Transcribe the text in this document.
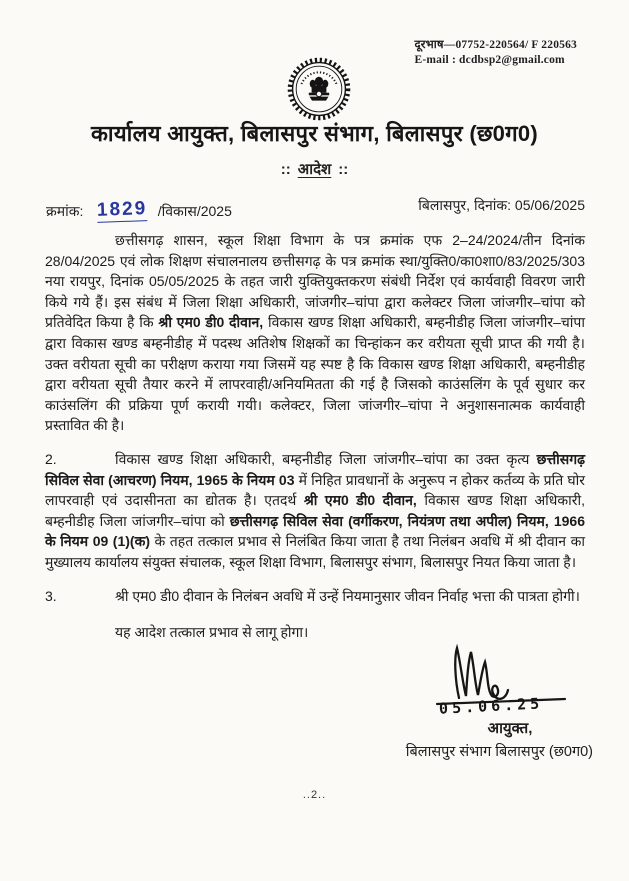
दूरभाष—07752-220564/ F 220563
E-mail : dcdbsp2@gmail.com
कार्यालय आयुक्त, बिलासपुर संभाग, बिलासपुर (छ0ग0)
:: आदेश ::
क्रमांक: 1829 /विकास/2025	बिलासपुर, दिनांक: 05/06/2025

छत्तीसगढ़ शासन, स्कूल शिक्षा विभाग के पत्र क्रमांक एफ 2–24/2024/तीन दिनांक 28/04/2025 एवं लोक शिक्षण संचालनालय छत्तीसगढ़ के पत्र क्रमांक स्था/युक्ति0/का0शा0/83/2025/303 नया रायपुर, दिनांक 05/05/2025 के तहत जारी युक्तियुक्तकरण संबंधी निर्देश एवं कार्यवाही विवरण जारी किये गये हैं। इस संबंध में जिला शिक्षा अधिकारी, जांजगीर–चांपा द्वारा कलेक्टर जिला जांजगीर–चांपा को प्रतिवेदित किया है कि श्री एम0 डी0 दीवान, विकास खण्ड शिक्षा अधिकारी, बम्हनीडीह जिला जांजगीर–चांपा द्वारा विकास खण्ड बम्हनीडीह में पदस्थ अतिशेष शिक्षकों का चिन्हांकन कर वरीयता सूची प्राप्त की गयी है। उक्त वरीयता सूची का परीक्षण कराया गया जिसमें यह स्पष्ट है कि विकास खण्ड शिक्षा अधिकारी, बम्हनीडीह द्वारा वरीयता सूची तैयार करने में लापरवाही/अनियमितता की गई है जिसको काउंसलिंग के पूर्व सुधार कर काउंसलिंग की प्रक्रिया पूर्ण करायी गयी। कलेक्टर, जिला जांजगीर–चांपा ने अनुशासनात्मक कार्यवाही प्रस्तावित की है।

2.	विकास खण्ड शिक्षा अधिकारी, बम्हनीडीह जिला जांजगीर–चांपा का उक्त कृत्य छत्तीसगढ़ सिविल सेवा (आचरण) नियम, 1965 के नियम 03 में निहित प्रावधानों के अनुरूप न होकर कर्तव्य के प्रति घोर लापरवाही एवं उदासीनता का द्योतक है। एतदर्थ श्री एम0 डी0 दीवान, विकास खण्ड शिक्षा अधिकारी, बम्हनीडीह जिला जांजगीर–चांपा को छत्तीसगढ़ सिविल सेवा (वर्गीकरण, नियंत्रण तथा अपील) नियम, 1966 के नियम 09 (1)(क) के तहत तत्काल प्रभाव से निलंबित किया जाता है तथा निलंबन अवधि में श्री दीवान का मुख्यालय कार्यालय संयुक्त संचालक, स्कूल शिक्षा विभाग, बिलासपुर संभाग, बिलासपुर नियत किया जाता है।

3.	श्री एम0 डी0 दीवान के निलंबन अवधि में उन्हें नियमानुसार जीवन निर्वाह भत्ता की पात्रता होगी।

यह आदेश तत्काल प्रभाव से लागू होगा।

05.06.25
आयुक्त,
बिलासपुर संभाग बिलासपुर (छ0ग0)
..2..
